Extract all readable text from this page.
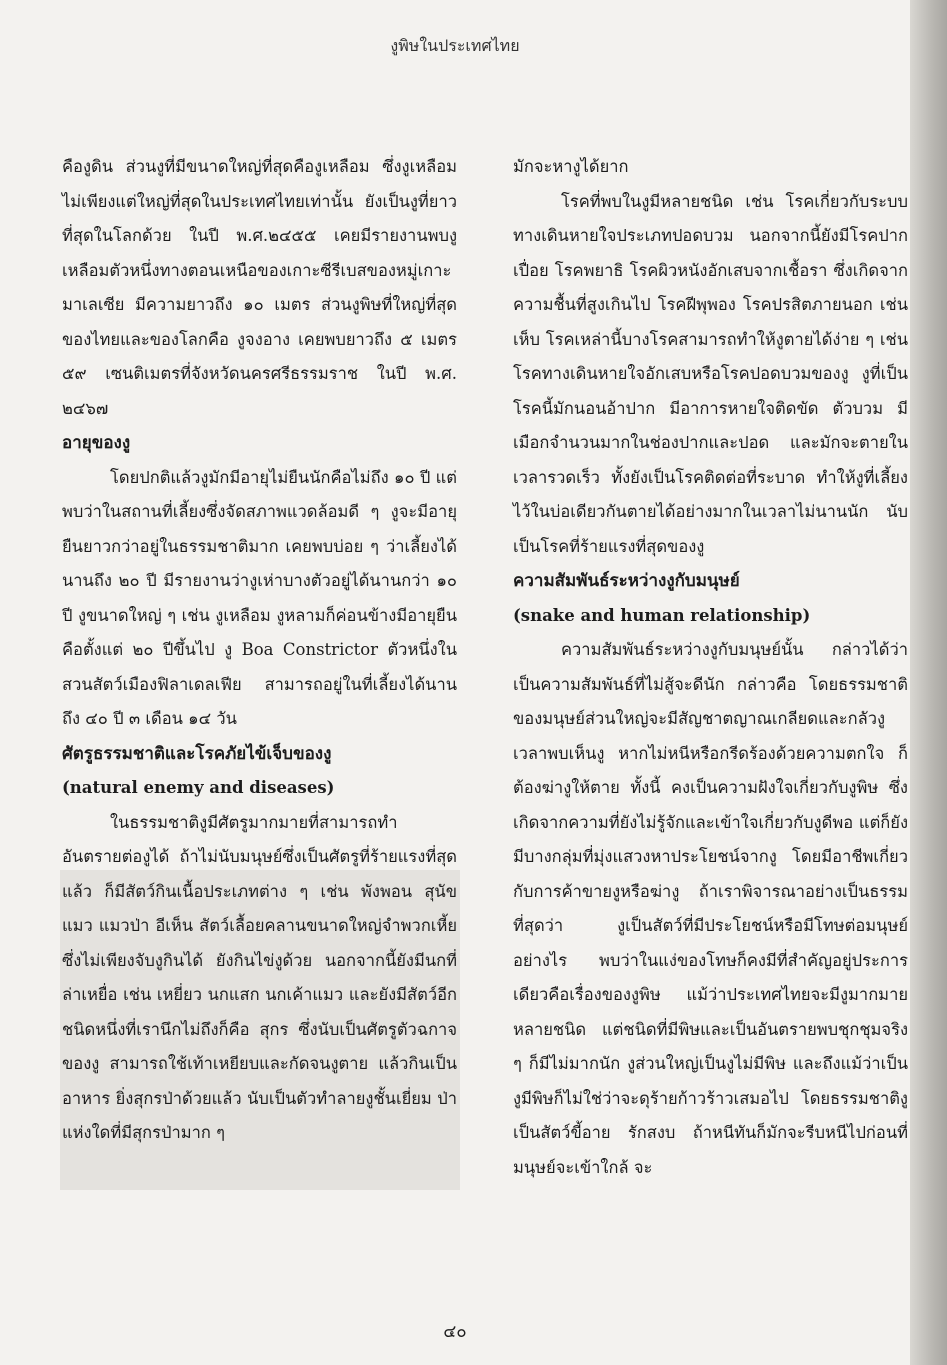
งูพิษในประเทศไทย

คืองูดิน ส่วนงูที่มีขนาดใหญ่ที่สุดคืองูเหลือม ซึ่งงูเหลือมไม่เพียงแต่ใหญ่ที่สุดในประเทศไทยเท่านั้น ยังเป็นงูที่ยาวที่สุดในโลกด้วย ในปี พ.ศ.๒๔๕๕ เคยมีรายงานพบงูเหลือมตัวหนึ่งทางตอนเหนือของเกาะซีรีเบสของหมู่เกาะมาเลเซีย มีความยาวถึง ๑๐ เมตร ส่วนงูพิษที่ใหญ่ที่สุดของไทยและของโลกคือ งูจงอาง เคยพบยาวถึง ๕ เมตร ๕๙ เซนติเมตรที่จังหวัดนครศรีธรรมราช ในปี พ.ศ. ๒๔๖๗

อายุของงู

โดยปกติแล้วงูมักมีอายุไม่ยืนนักคือไม่ถึง ๑๐ ปี แต่พบว่าในสถานที่เลี้ยงซึ่งจัดสภาพแวดล้อมดี ๆ งูจะมีอายุยืนยาวกว่าอยู่ในธรรมชาติมาก เคยพบบ่อย ๆ ว่าเลี้ยงได้นานถึง ๒๐ ปี มีรายงานว่างูเห่าบางตัวอยู่ได้นานกว่า ๑๐ ปี งูขนาดใหญ่ ๆ เช่น งูเหลือม งูหลามก็ค่อนข้างมีอายุยืนคือตั้งแต่ ๒๐ ปีขึ้นไป งู Boa Constrictor ตัวหนึ่งในสวนสัตว์เมืองฟิลาเดลเฟีย สามารถอยู่ในที่เลี้ยงได้นานถึง ๔๐ ปี ๓ เดือน ๑๔ วัน

ศัตรูธรรมชาติและโรคภัยไข้เจ็บของงู

(natural enemy and diseases)

ในธรรมชาติงูมีศัตรูมากมายที่สามารถทำอันตรายต่องูได้ ถ้าไม่นับมนุษย์ซึ่งเป็นศัตรูที่ร้ายแรงที่สุดแล้ว ก็มีสัตว์กินเนื้อประเภทต่าง ๆ เช่น พังพอน สุนัข แมว แมวป่า อีเห็น สัตว์เลื้อยคลานขนาดใหญ่จำพวกเหี้ย ซึ่งไม่เพียงจับงูกินได้ ยังกินไข่งูด้วย นอกจากนี้ยังมีนกที่ล่าเหยื่อ เช่น เหยี่ยว นกแสก นกเค้าแมว และยังมีสัตว์อีกชนิดหนึ่งที่เรานึกไม่ถึงก็คือ สุกร ซึ่งนับเป็นศัตรูตัวฉกาจของงู สามารถใช้เท้าเหยียบและกัดจนงูตาย แล้วกินเป็นอาหาร ยิ่งสุกรป่าด้วยแล้ว นับเป็นตัวทำลายงูชั้นเยี่ยม ป่าแห่งใดที่มีสุกรป่ามาก ๆ

มักจะหางูได้ยาก

โรคที่พบในงูมีหลายชนิด เช่น โรคเกี่ยวกับระบบทางเดินหายใจประเภทปอดบวม นอกจากนี้ยังมีโรคปากเปื่อย โรคพยาธิ โรคผิวหนังอักเสบจากเชื้อรา ซึ่งเกิดจากความชื้นที่สูงเกินไป โรคฝีพุพอง โรคปรสิตภายนอก เช่น เห็บ โรคเหล่านี้บางโรคสามารถทำให้งูตายได้ง่าย ๆ เช่น โรคทางเดินหายใจอักเสบหรือโรคปอดบวมของงู งูที่เป็นโรคนี้มักนอนอ้าปาก มีอาการหายใจติดขัด ตัวบวม มีเมือกจำนวนมากในช่องปากและปอด และมักจะตายในเวลารวดเร็ว ทั้งยังเป็นโรคติดต่อที่ระบาด ทำให้งูที่เลี้ยงไว้ในบ่อเดียวกันตายได้อย่างมากในเวลาไม่นานนัก นับเป็นโรคที่ร้ายแรงที่สุดของงู

ความสัมพันธ์ระหว่างงูกับมนุษย์

(snake and human relationship)

ความสัมพันธ์ระหว่างงูกับมนุษย์นั้น กล่าวได้ว่าเป็นความสัมพันธ์ที่ไม่สู้จะดีนัก กล่าวคือ โดยธรรมชาติของมนุษย์ส่วนใหญ่จะมีสัญชาตญาณเกลียดและกลัวงู เวลาพบเห็นงู หากไม่หนีหรือกรีดร้องด้วยความตกใจ ก็ต้องฆ่างูให้ตาย ทั้งนี้ คงเป็นความฝังใจเกี่ยวกับงูพิษ ซึ่งเกิดจากความที่ยังไม่รู้จักและเข้าใจเกี่ยวกับงูดีพอ แต่ก็ยังมีบางกลุ่มที่มุ่งแสวงหาประโยชน์จากงู โดยมีอาชีพเกี่ยวกับการค้าขายงูหรือฆ่างู ถ้าเราพิจารณาอย่างเป็นธรรมที่สุดว่า งูเป็นสัตว์ที่มีประโยชน์หรือมีโทษต่อมนุษย์อย่างไร พบว่าในแง่ของโทษก็คงมีที่สำคัญอยู่ประการเดียวคือเรื่องของงูพิษ แม้ว่าประเทศไทยจะมีงูมากมายหลายชนิด แต่ชนิดที่มีพิษและเป็นอันตรายพบชุกชุมจริง ๆ ก็มีไม่มากนัก งูส่วนใหญ่เป็นงูไม่มีพิษ และถึงแม้ว่าเป็นงูมีพิษก็ไม่ใช่ว่าจะดุร้ายก้าวร้าวเสมอไป โดยธรรมชาติงูเป็นสัตว์ขี้อาย รักสงบ ถ้าหนีทันก็มักจะรีบหนีไปก่อนที่มนุษย์จะเข้าใกล้ จะ

๔๐
